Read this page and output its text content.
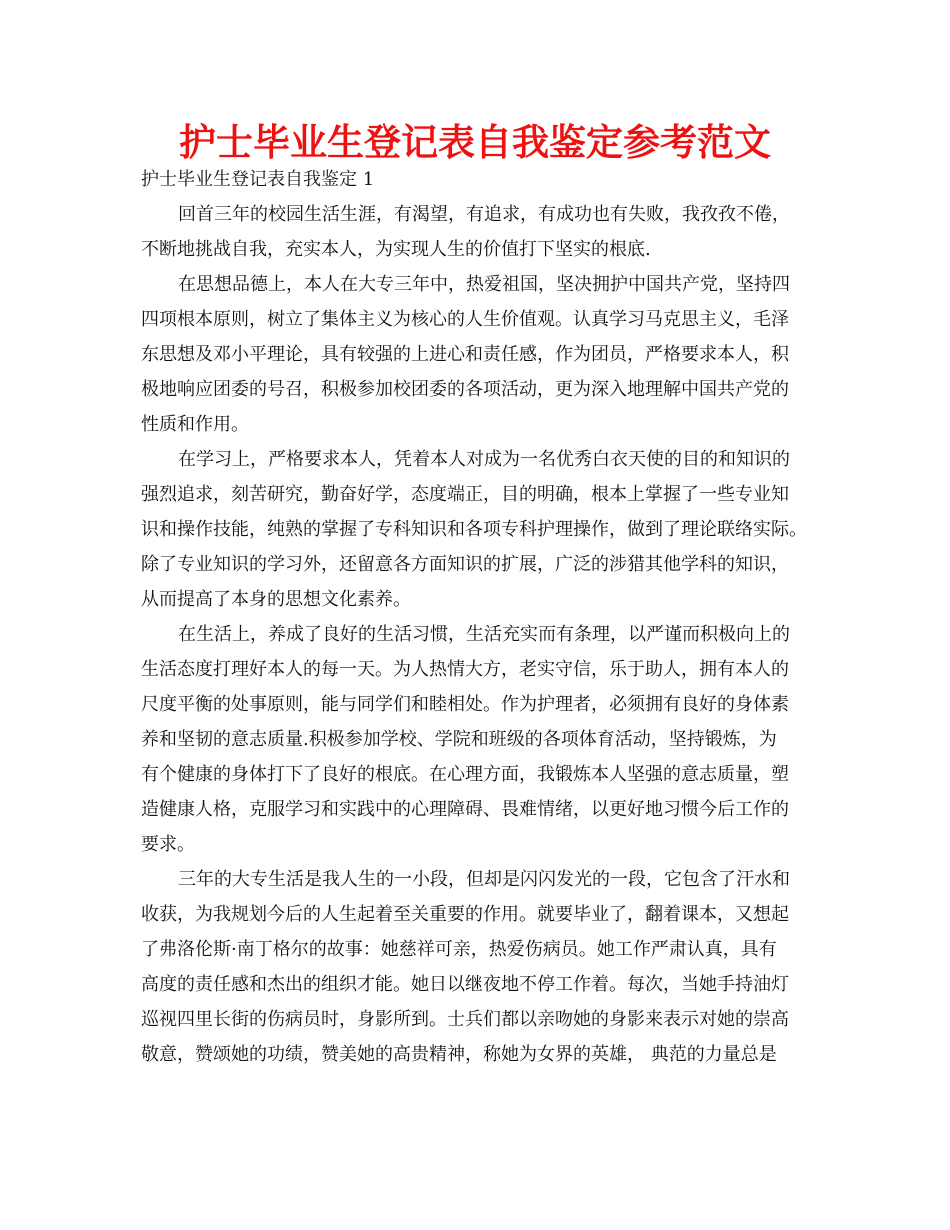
护士毕业生登记表自我鉴定参考范文

护士毕业生登记表自我鉴定 1

回首三年的校园生活生涯，有渴望，有追求，有成功也有失败，我孜孜不倦，
不断地挑战自我，充实本人，为实现人生的价值打下坚实的根底.

在思想品德上，本人在大专三年中，热爱祖国，坚决拥护中国共产党，坚持四
四项根本原则，树立了集体主义为核心的人生价值观。认真学习马克思主义，毛泽
东思想及邓小平理论，具有较强的上进心和责任感，作为团员，严格要求本人，积
极地响应团委的号召，积极参加校团委的各项活动，更为深入地理解中国共产党的
性质和作用。

在学习上，严格要求本人，凭着本人对成为一名优秀白衣天使的目的和知识的
强烈追求，刻苦研究，勤奋好学，态度端正，目的明确，根本上掌握了一些专业知
识和操作技能，纯熟的掌握了专科知识和各项专科护理操作，做到了理论联络实际。
除了专业知识的学习外，还留意各方面知识的扩展，广泛的涉猎其他学科的知识，
从而提高了本身的思想文化素养。

在生活上，养成了良好的生活习惯，生活充实而有条理，以严谨而积极向上的
生活态度打理好本人的每一天。为人热情大方，老实守信，乐于助人，拥有本人的
尺度平衡的处事原则，能与同学们和睦相处。作为护理者，必须拥有良好的身体素
养和坚韧的意志质量.积极参加学校、学院和班级的各项体育活动，坚持锻炼，为
有个健康的身体打下了良好的根底。在心理方面，我锻炼本人坚强的意志质量，塑
造健康人格，克服学习和实践中的心理障碍、畏难情绪，以更好地习惯今后工作的
要求。

三年的大专生活是我人生的一小段，但却是闪闪发光的一段，它包含了汗水和
收获，为我规划今后的人生起着至关重要的作用。就要毕业了，翻着课本，又想起
了弗洛伦斯·南丁格尔的故事：她慈祥可亲，热爱伤病员。她工作严肃认真，具有
高度的责任感和杰出的组织才能。她日以继夜地不停工作着。每次，当她手持油灯
巡视四里长街的伤病员时，身影所到。士兵们都以亲吻她的身影来表示对她的崇高
敬意，赞颂她的功绩，赞美她的高贵精神，称她为女界的英雄， 典范的力量总是
